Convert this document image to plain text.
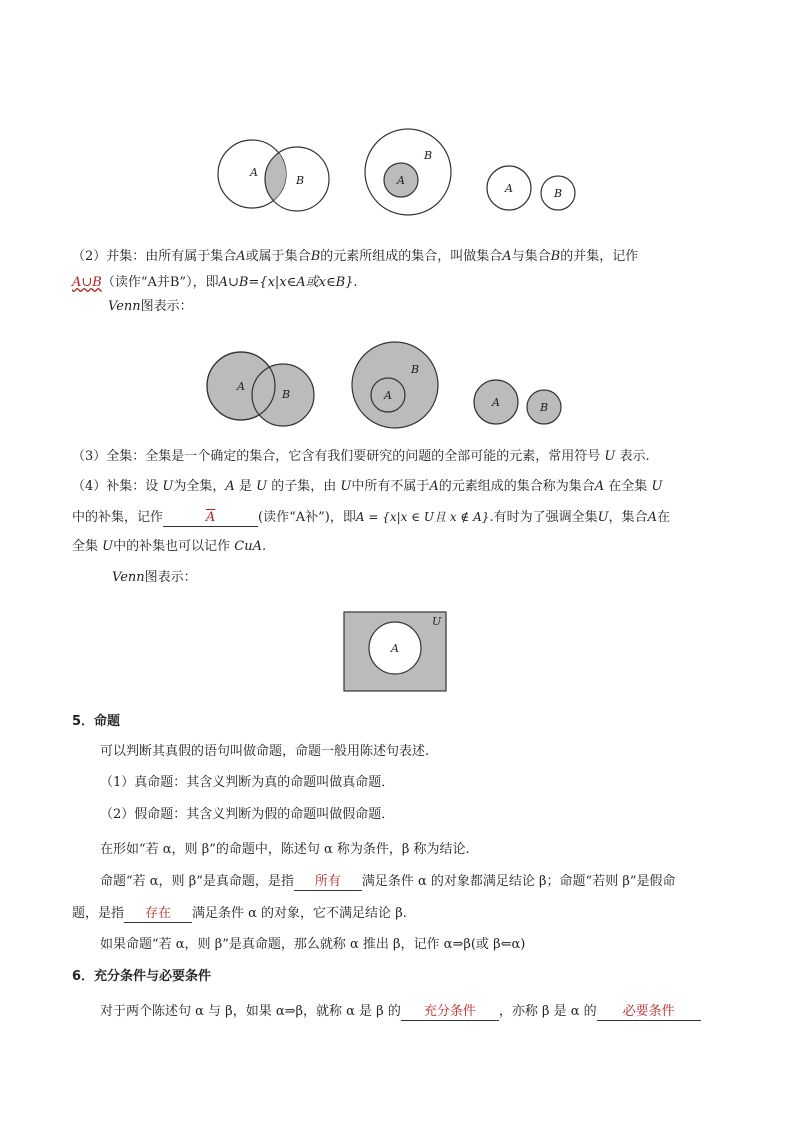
A
B
B
A
A	B
（2）并集：由所有属于集合A或属于集合B的元素所组成的集合，叫做集合A与集合B的并集，记作
A∪B（读作“A并B”），即A∪B={x|x∈A或x∈B}.
Venn图表示：
A
B
B
A
A	B
（3）全集：全集是一个确定的集合，它含有我们要研究的问题的全部可能的元素，常用符号 U 表示.
（4）补集：设 U为全集，A 是 U 的子集，由 U中所有不属于A的元素组成的集合称为集合A 在全集 U
中的补集，记作	$\overline{A}$	(读作“A补”)，即A = {x|x ∈ U且 x ∉ A}.有时为了强调全集U，集合A在
全集 U中的补集也可以记作 CuA.
Venn图表示：
U
A
5．命题
可以判断其真假的语句叫做命题，命题一般用陈述句表述.
（1）真命题：其含义判断为真的命题叫做真命题．
（2）假命题：其含义判断为假的命题叫做假命题．
在形如“若 α，则 β”的命题中，陈述句 α 称为条件，β 称为结论.
命题“若 α，则 β”是真命题，是指 所有 满足条件 α 的对象都满足结论 β；命题“若则 β”是假命
题，是指 存在 满足条件 α 的对象，它不满足结论 β.
如果命题“若 α，则 β”是真命题，那么就称 α 推出 β，记作 α⇒β(或 β⇐α)
6．充分条件与必要条件
对于两个陈述句 α 与 β，如果 α⇒β，就称 α 是 β 的 充分条件 ，亦称 β 是 α 的 必要条件
